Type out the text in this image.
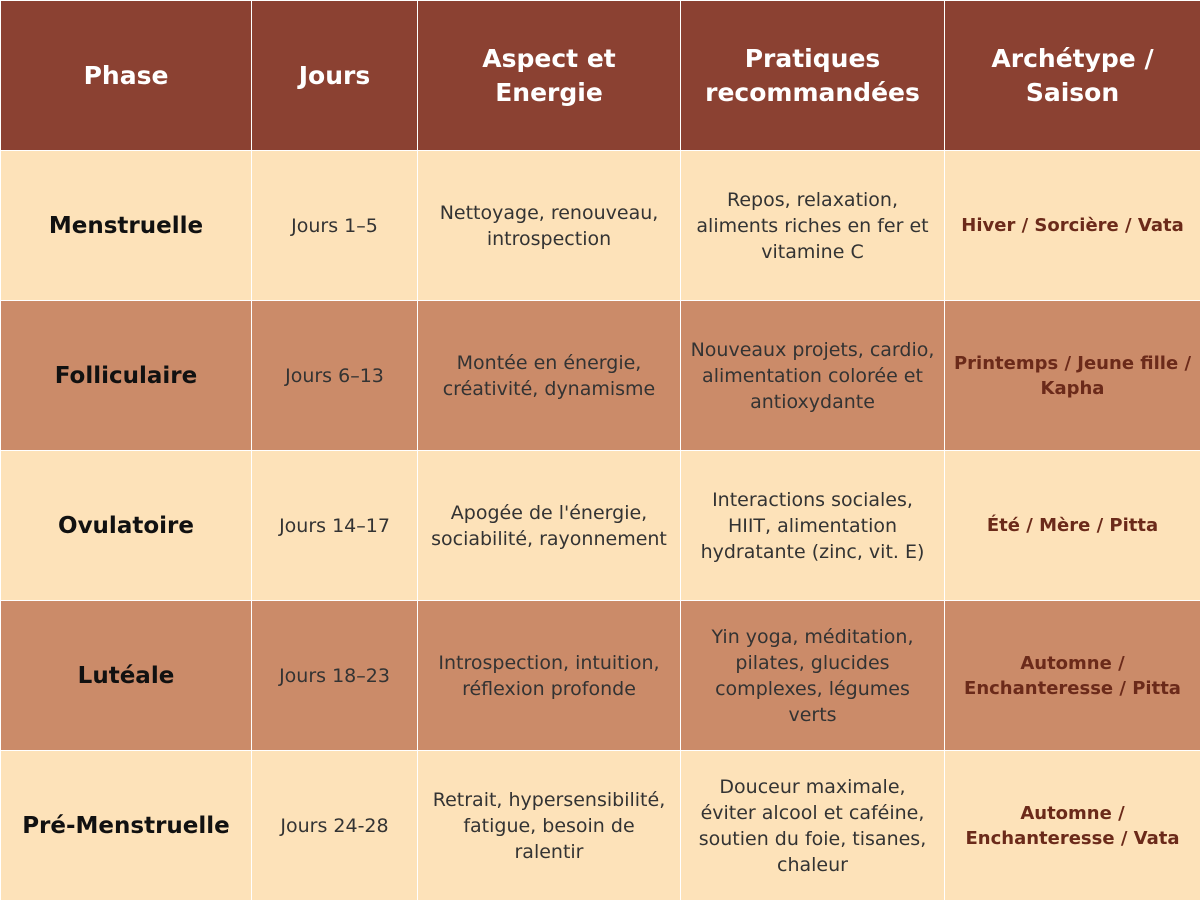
Phase	Jours	Aspect et Energie	Pratiques recommandées	Archétype / Saison
Menstruelle	Jours 1–5	Nettoyage, renouveau, introspection	Repos, relaxation, aliments riches en fer et vitamine C	Hiver / Sorcière / Vata
Folliculaire	Jours 6–13	Montée en énergie, créativité, dynamisme	Nouveaux projets, cardio, alimentation colorée et antioxydante	Printemps / Jeune fille / Kapha
Ovulatoire	Jours 14–17	Apogée de l'énergie, sociabilité, rayonnement	Interactions sociales, HIIT, alimentation hydratante (zinc, vit. E)	Été / Mère / Pitta
Lutéale	Jours 18–23	Introspection, intuition, réflexion profonde	Yin yoga, méditation, pilates, glucides complexes, légumes verts	Automne / Enchanteresse / Pitta
Pré-Menstruelle	Jours 24-28	Retrait, hypersensibilité, fatigue, besoin de ralentir	Douceur maximale, éviter alcool et caféine, soutien du foie, tisanes, chaleur	Automne / Enchanteresse / Vata
